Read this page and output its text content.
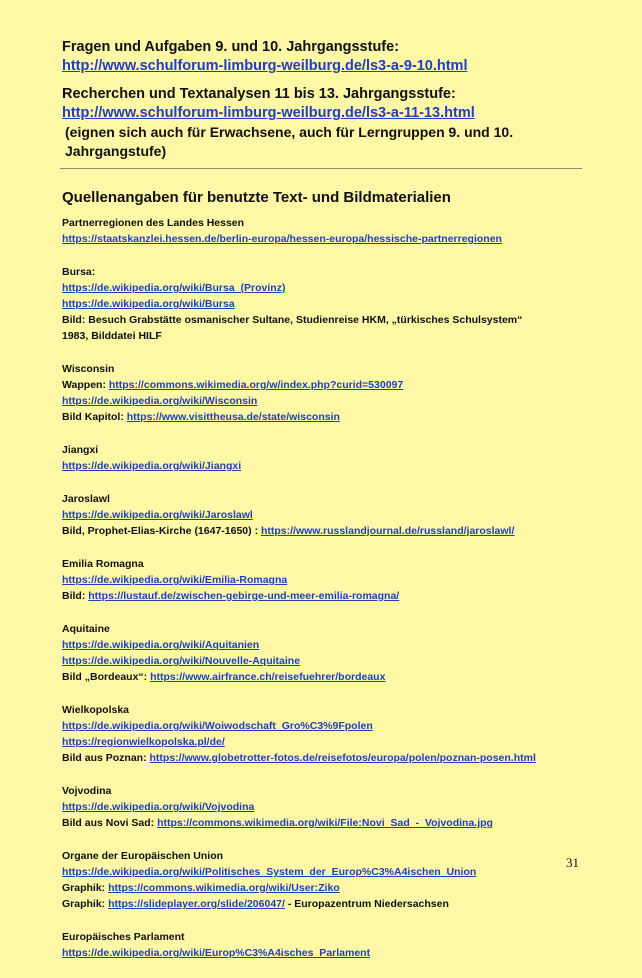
Fragen und Aufgaben 9. und 10. Jahrgangsstufe:

http://www.schulforum-limburg-weilburg.de/ls3-a-9-10.html

Recherchen und Textanalysen 11 bis 13. Jahrgangsstufe:

http://www.schulforum-limburg-weilburg.de/ls3-a-11-13.html
(eignen sich auch für Erwachsene, auch für Lerngruppen 9. und 10. Jahrgangstufe)
Quellenangaben für benutzte Text- und Bildmaterialien
Partnerregionen des Landes Hessen
https://staatskanzlei.hessen.de/berlin-europa/hessen-europa/hessische-partnerregionen
Bursa:
https://de.wikipedia.org/wiki/Bursa_(Provinz)
https://de.wikipedia.org/wiki/Bursa
Bild: Besuch Grabstätte osmanischer Sultane, Studienreise HKM, „türkisches Schulsystem“ 1983, Bilddatei HILF
Wisconsin
Wappen: https://commons.wikimedia.org/w/index.php?curid=530097
https://de.wikipedia.org/wiki/Wisconsin
Bild Kapitol: https://www.visittheusa.de/state/wisconsin
Jiangxi
https://de.wikipedia.org/wiki/Jiangxi
Jaroslawl
https://de.wikipedia.org/wiki/Jaroslawl
Bild, Prophet-Elias-Kirche (1647-1650) : https://www.russlandjournal.de/russland/jaroslawl/
Emilia Romagna
https://de.wikipedia.org/wiki/Emilia-Romagna
Bild: https://lustauf.de/zwischen-gebirge-und-meer-emilia-romagna/
Aquitaine
https://de.wikipedia.org/wiki/Aquitanien
https://de.wikipedia.org/wiki/Nouvelle-Aquitaine
Bild „Bordeaux“: https://www.airfrance.ch/reisefuehrer/bordeaux
Wielkopolska
https://de.wikipedia.org/wiki/Woiwodschaft_Gro%C3%9Fpolen
https://regionwielkopolska.pl/de/
Bild aus Poznan: https://www.globetrotter-fotos.de/reisefotos/europa/polen/poznan-posen.html
Vojvodina
https://de.wikipedia.org/wiki/Vojvodina
Bild aus Novi Sad: https://commons.wikimedia.org/wiki/File:Novi_Sad_-_Vojvodina.jpg
Organe der Europäischen Union
https://de.wikipedia.org/wiki/Politisches_System_der_Europ%C3%A4ischen_Union
Graphik: https://commons.wikimedia.org/wiki/User:Ziko
Graphik: https://slideplayer.org/slide/206047/ - Europazentrum Niedersachsen
Europäisches Parlament
https://de.wikipedia.org/wiki/Europ%C3%A4isches_Parlament
31
